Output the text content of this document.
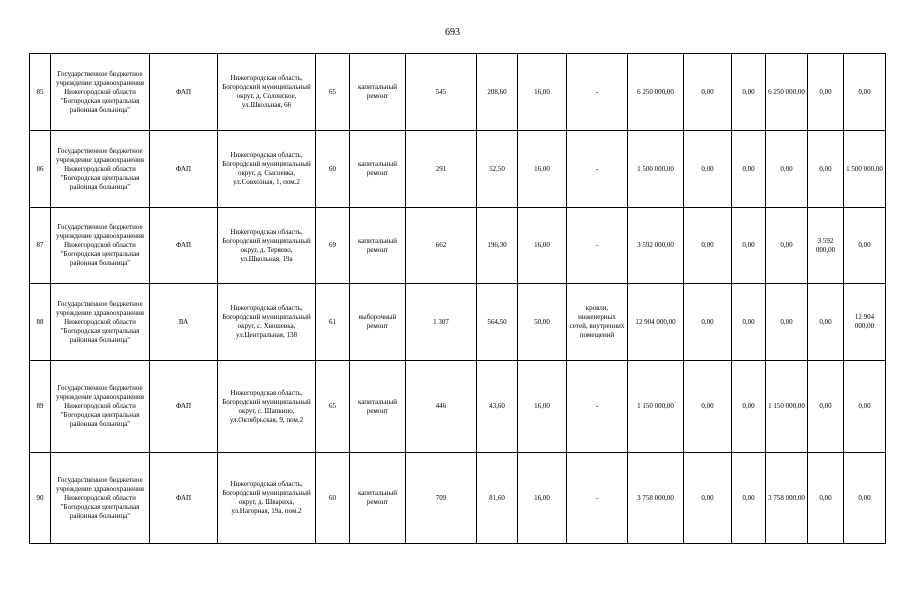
693
85	Государственное бюджетное учреждение здравоохранения Нижегородской области "Богородская центральная районная больница"	ФАП	Нижегородская область, Богородский муниципальный округ, д. Солонское, ул.Школьная, 66	65	капитальный ремонт	545	208,60	16,00	-	6 250 000,00	0,00	0,00	6 250 000,00	0,00	0,00
86	Государственное бюджетное учреждение здравоохранения Нижегородской области "Богородская центральная районная больница"	ФАП	Нижегородская область, Богородский муниципальный округ, д. Сысоевка, ул.Совхозная, 1, пом.2	60	капитальный ремонт	291	52,50	16,00	-	1 500 000,00	0,00	0,00	0,00	0,00	1 500 000,00
87	Государственное бюджетное учреждение здравоохранения Нижегородской области "Богородская центральная районная больница"	ФАП	Нижегородская область, Богородский муниципальный округ, д. Теряево, ул.Школьная, 19а	69	капитальный ремонт	662	196,30	16,00	-	3 592 000,00	0,00	0,00	0,00	3 592 000,00	0,00
88	Государственное бюджетное учреждение здравоохранения Нижегородской области "Богородская центральная районная больница"	ВА	Нижегородская область, Богородский муниципальный округ, с. Хвошевка, ул.Центральная, 138	61	выборочный ремонт	1 307	564,50	50,00	кровли, инженерных сетей, внутренних помещений	12 904 000,00	0,00	0,00	0,00	0,00	12 904 000,00
89	Государственное бюджетное учреждение здравоохранения Нижегородской области "Богородская центральная районная больница"	ФАП	Нижегородская область, Богородский муниципальный округ, с. Шапкино, ул.Октябрьская, 9, пом.2	65	капитальный ремонт	446	43,60	16,00	-	1 150 000,00	0,00	0,00	1 150 000,00	0,00	0,00
90	Государственное бюджетное учреждение здравоохранения Нижегородской области "Богородская центральная районная больница"	ФАП	Нижегородская область, Богородский муниципальный округ, д. Шварихa, ул.Нагорная, 19а, пом.2	60	капитальный ремонт	709	81,60	16,00	-	3 758 000,00	0,00	0,00	3 758 000,00	0,00	0,00
